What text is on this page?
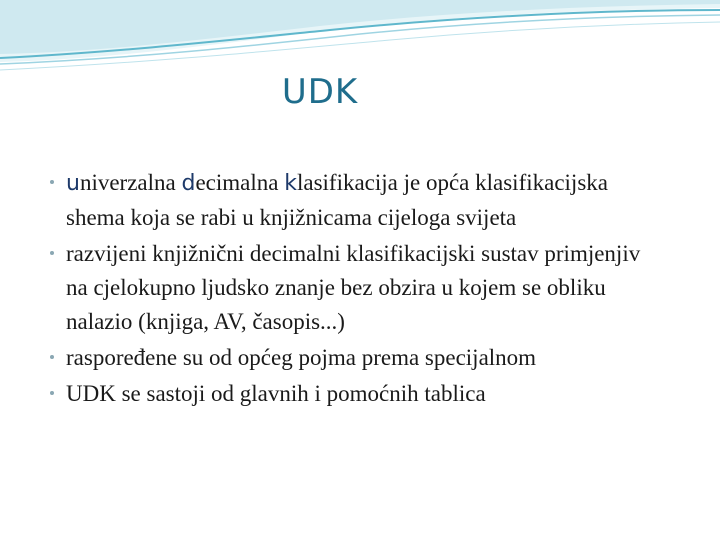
UDK
univerzalna decimalna klasifikacija je opća klasifikacijska shema koja se rabi u knjižnicama cijeloga svijeta
razvijeni knjižnični decimalni klasifikacijski sustav primjenjiv na cjelokupno ljudsko znanje bez obzira u kojem se obliku nalazio (knjiga, AV, časopis...)
raspoređene su od općeg pojma prema specijalnom
UDK se sastoji od glavnih i pomoćnih tablica
